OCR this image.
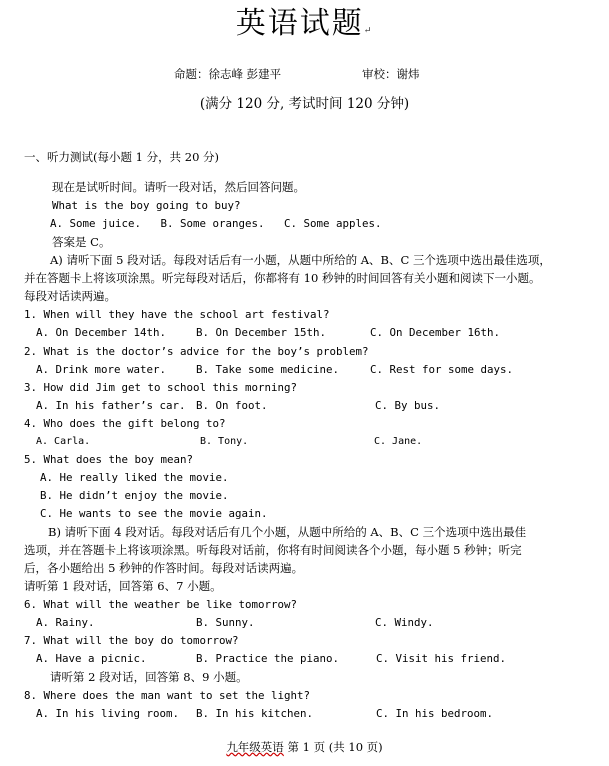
英语试题↵
命题：徐志峰 彭建平	审校：谢炜
(满分 120 分, 考试时间 120 分钟)
一、听力测试(每小题 1 分，共 20 分)
现在是试听时间。请听一段对话，然后回答问题。
What is the boy going to buy?
A. Some juice.   B. Some oranges.   C. Some apples.
答案是 C。
A) 请听下面 5 段对话。每段对话后有一小题，从题中所给的 A、B、C 三个选项中选出最佳选项，
并在答题卡上将该项涂黑。听完每段对话后，你都将有 10 秒钟的时间回答有关小题和阅读下一小题。
每段对话读两遍。
1. When will they have the school art festival?
A. On December 14th.	B. On December 15th.	C. On December 16th.
2. What is the doctor’s advice for the boy’s problem?
A. Drink more water.	B. Take some medicine.	C. Rest for some days.
3. How did Jim get to school this morning?
A. In his father’s car. B. On foot.	C. By bus.
4. Who does the gift belong to?
A. Carla.	B. Tony.	C. Jane.
5. What does the boy mean?
A. He really liked the movie.
B. He didn’t enjoy the movie.
C. He wants to see the movie again.
B) 请听下面 4 段对话。每段对话后有几个小题，从题中所给的 A、B、C 三个选项中选出最佳
选项，并在答题卡上将该项涂黑。听每段对话前，你将有时间阅读各个小题，每小题 5 秒钟；听完
后，各小题给出 5 秒钟的作答时间。每段对话读两遍。
请听第 1 段对话，回答第 6、7 小题。
6. What will the weather be like tomorrow?
A. Rainy.	B. Sunny.	C. Windy.
7. What will the boy do tomorrow?
A. Have a picnic.	B. Practice the piano.	C. Visit his friend.
请听第 2 段对话，回答第 8、9 小题。
8. Where does the man want to set the light?
A. In his living room. B. In his kitchen.	C. In his bedroom.
九年级英语 第 1 页 (共 10 页)
